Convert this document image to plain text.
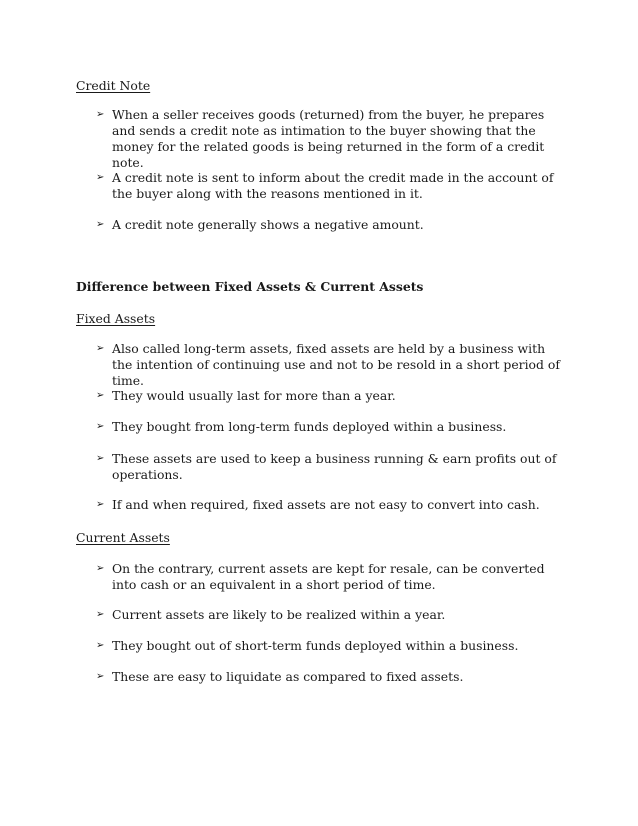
Credit Note
➢ When a seller receives goods (returned) from the buyer, he prepares and sends a credit note as intimation to the buyer showing that the money for the related goods is being returned in the form of a credit note.
➢ A credit note is sent to inform about the credit made in the account of the buyer along with the reasons mentioned in it.
➢ A credit note generally shows a negative amount.
Difference between Fixed Assets & Current Assets
Fixed Assets
➢ Also called long-term assets, fixed assets are held by a business with the intention of continuing use and not to be resold in a short period of time.
➢ They would usually last for more than a year.
➢ They bought from long-term funds deployed within a business.
➢ These assets are used to keep a business running & earn profits out of operations.
➢ If and when required, fixed assets are not easy to convert into cash.
Current Assets
➢ On the contrary, current assets are kept for resale, can be converted into cash or an equivalent in a short period of time.
➢ Current assets are likely to be realized within a year.
➢ They bought out of short-term funds deployed within a business.
➢ These are easy to liquidate as compared to fixed assets.
